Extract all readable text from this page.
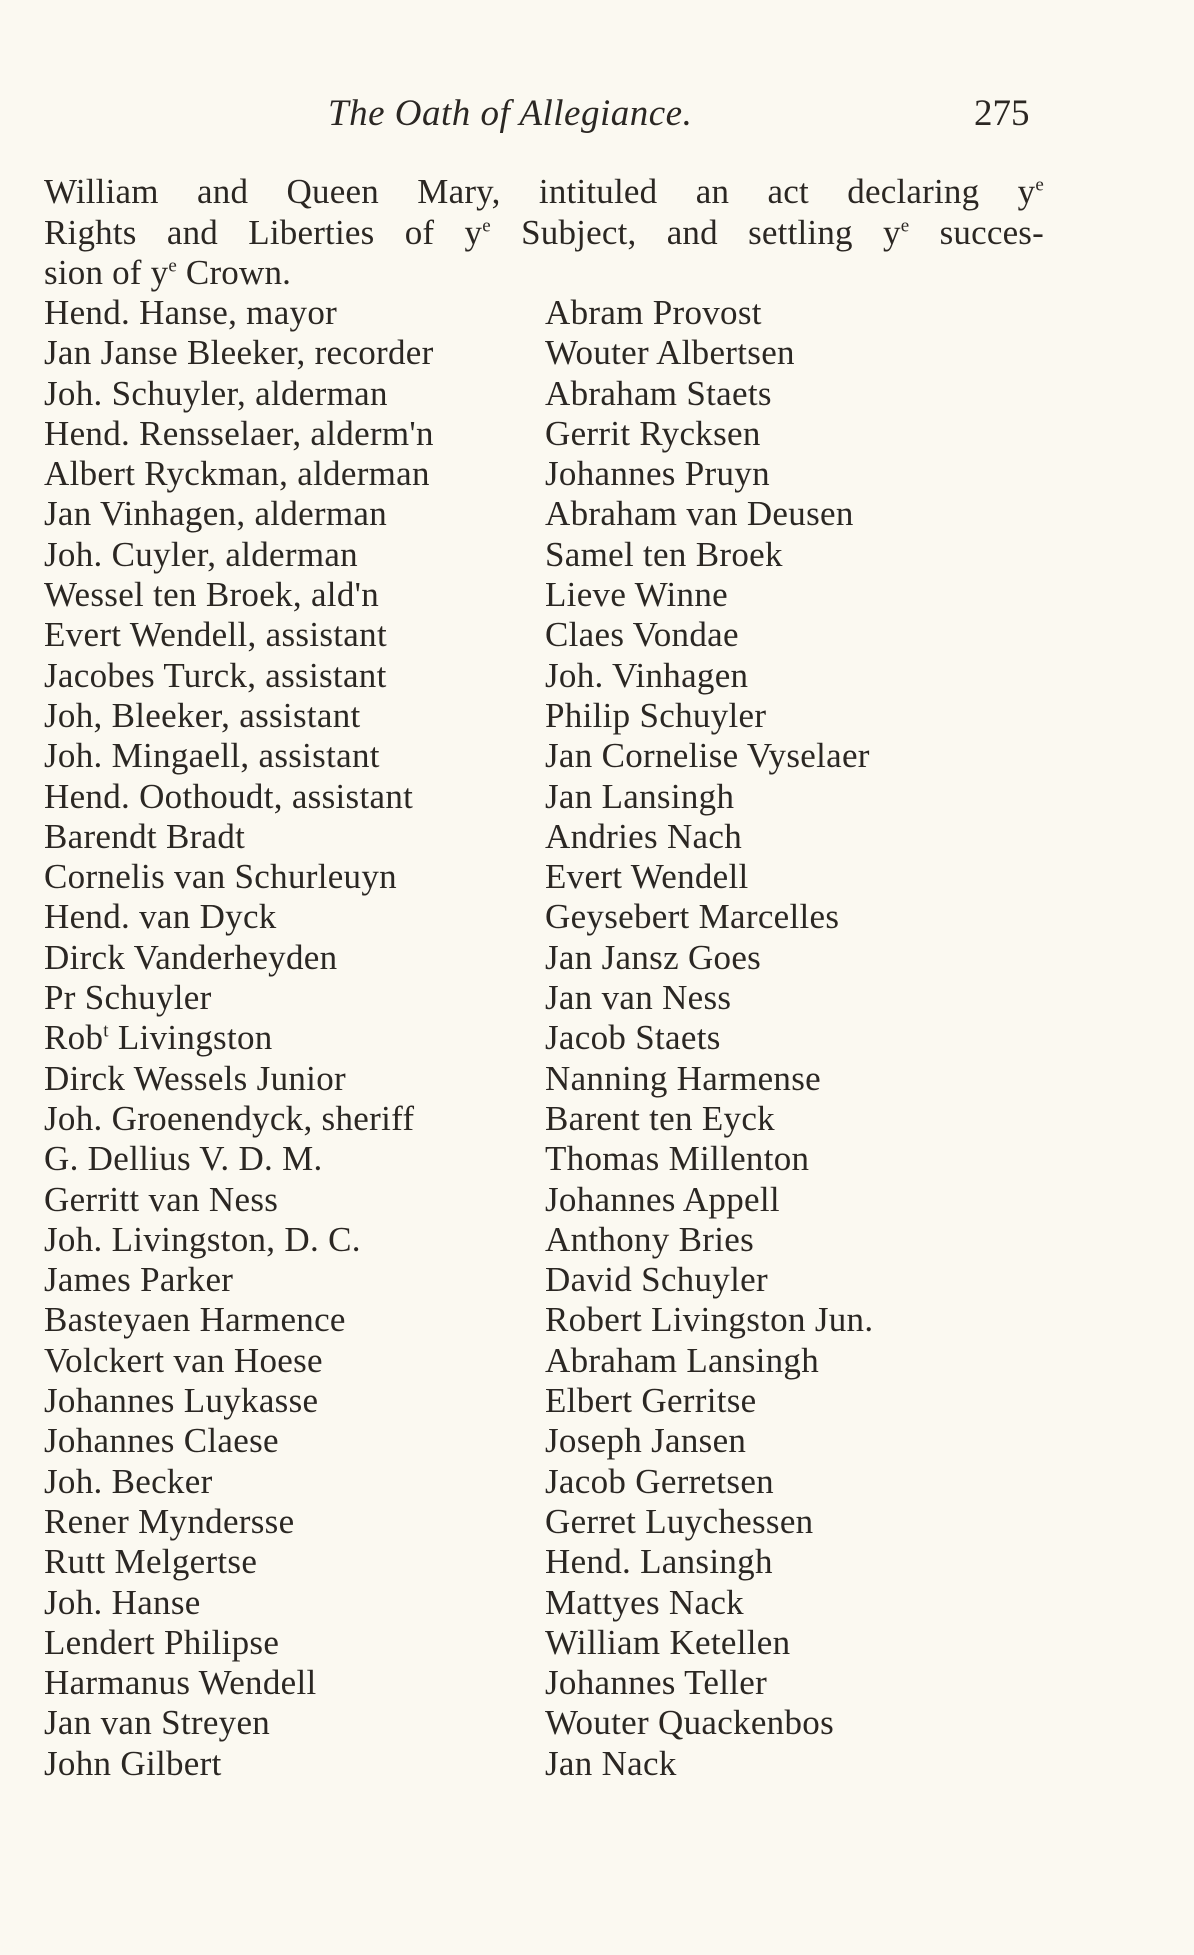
The Oath of Allegiance.	275
William and Queen Mary, intituled an act declaring $y^e$
Rights and Liberties of $y^e$ Subject, and settling $y^e$ succes-
sion of $y^e$ Crown.
Hend. Hanse, mayor
Jan Janse Bleeker, recorder
Joh. Schuyler, alderman
Hend. Rensselaer, alderm'n
Albert Ryckman, alderman
Jan Vinhagen, alderman
Joh. Cuyler, alderman
Wessel ten Broek, ald'n
Evert Wendell, assistant
Jacobes Turck, assistant
Joh, Bleeker, assistant
Joh. Mingaell, assistant
Hend. Oothoudt, assistant
Barendt Bradt
Cornelis van Schurleuyn
Hend. van Dyck
Dirck Vanderheyden
Pr Schuyler
Rob$^t$ Livingston
Dirck Wessels Junior
Joh. Groenendyck, sheriff
G. Dellius V. D. M.
Gerritt van Ness
Joh. Livingston, D. C.
James Parker
Basteyaen Harmence
Volckert van Hoese
Johannes Luykasse
Johannes Claese
Joh. Becker
Rener Myndersse
Rutt Melgertse
Joh. Hanse
Lendert Philipse
Harmanus Wendell
Jan van Streyen
John Gilbert
Abram Provost
Wouter Albertsen
Abraham Staets
Gerrit Rycksen
Johannes Pruyn
Abraham van Deusen
Samel ten Broek
Lieve Winne
Claes Vondae
Joh. Vinhagen
Philip Schuyler
Jan Cornelise Vyselaer
Jan Lansingh
Andries Nach
Evert Wendell
Geysebert Marcelles
Jan Jansz Goes
Jan van Ness
Jacob Staets
Nanning Harmense
Barent ten Eyck
Thomas Millenton
Johannes Appell
Anthony Bries
David Schuyler
Robert Livingston Jun.
Abraham Lansingh
Elbert Gerritse
Joseph Jansen
Jacob Gerretsen
Gerret Luychessen
Hend. Lansingh
Mattyes Nack
William Ketellen
Johannes Teller
Wouter Quackenbos
Jan Nack
